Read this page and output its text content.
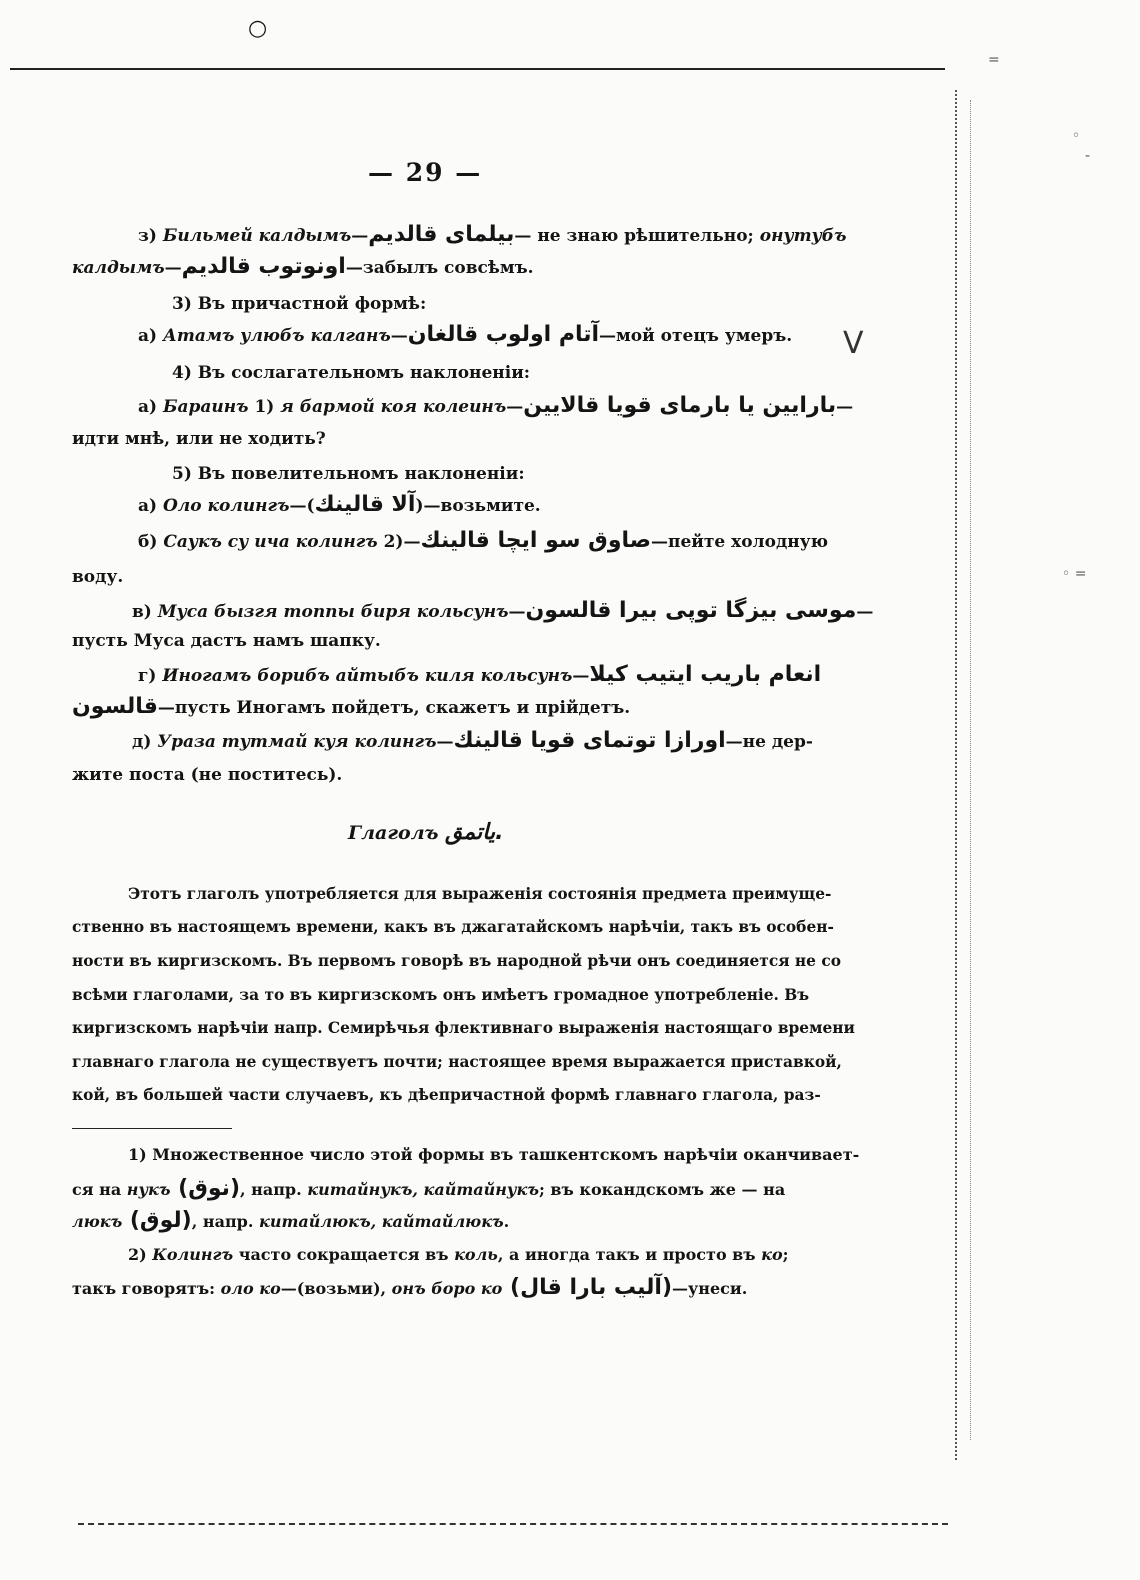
○
V
=
◦
-
◦ =
— 29 —
з) Бильмей калдымъ—بيلماى قالديم— не знаю рѣшительно; онутубъ
калдымъ—اونوتوب قالديم—забылъ совсѣмъ.
3) Въ причастной формѣ:
а) Атамъ улюбъ калганъ—آتام اولوب قالغان—мой отецъ умеръ.
4) Въ сослагательномъ наклоненіи:
а) Бараинъ 1) я бармой коя колеинъ—بارايين يا بارماى قويا قالايين—
идти мнѣ, или не ходить?
5) Въ повелительномъ наклоненіи:
а) Оло колингъ—(آلا قالينك)—возьмите.
б) Саукъ су ича колингъ 2)—صاوق سو ايچا قالينك—пейте холодную
воду.
в) Муса бызгя топпы биря кольсунъ—موسى بيزگا توپى بيرا قالسون—
пусть Муса дастъ намъ шапку.
г) Иногамъ борибъ айтыбъ киля кольсунъ—انعام باريب ايتيب كيلا
قالسون—пусть Иногамъ пойдетъ, скажетъ и прійдетъ.
д) Ураза тутмай куя колингъ—اورازا توتماى قويا قالينك—не дер-
жите поста (не поститесь).
Глаголъ ياتمق.
Этотъ глаголъ употребляется для выраженія состоянія предмета преимуще-
ственно въ настоящемъ времени, какъ въ джагатайскомъ нарѣчіи, такъ въ особен-
ности въ киргизскомъ. Въ первомъ говорѣ въ народной рѣчи онъ соединяется не со
всѣми глаголами, за то въ киргизскомъ онъ имѣетъ громадное употребленіе. Въ
киргизскомъ нарѣчіи напр. Семирѣчья флективнаго выраженія настоящаго времени
главнаго глагола не существуетъ почти; настоящее время выражается приставкой,
кой, въ большей части случаевъ, къ дѣепричастной формѣ главнаго глагола, раз-
1) Множественное число этой формы въ ташкентскомъ нарѣчіи оканчивает-
ся на нукъ (نوق), напр. китайнукъ, кайтайнукъ; въ кокандскомъ же — на
люкъ (لوق), напр. китайлюкъ, кайтайлюкъ.
2) Колингъ часто сокращается въ коль, а иногда такъ и просто въ ко;
такъ говорятъ: оло ко—(возьми), онъ боро ко (آليب بارا قال)—унеси.
